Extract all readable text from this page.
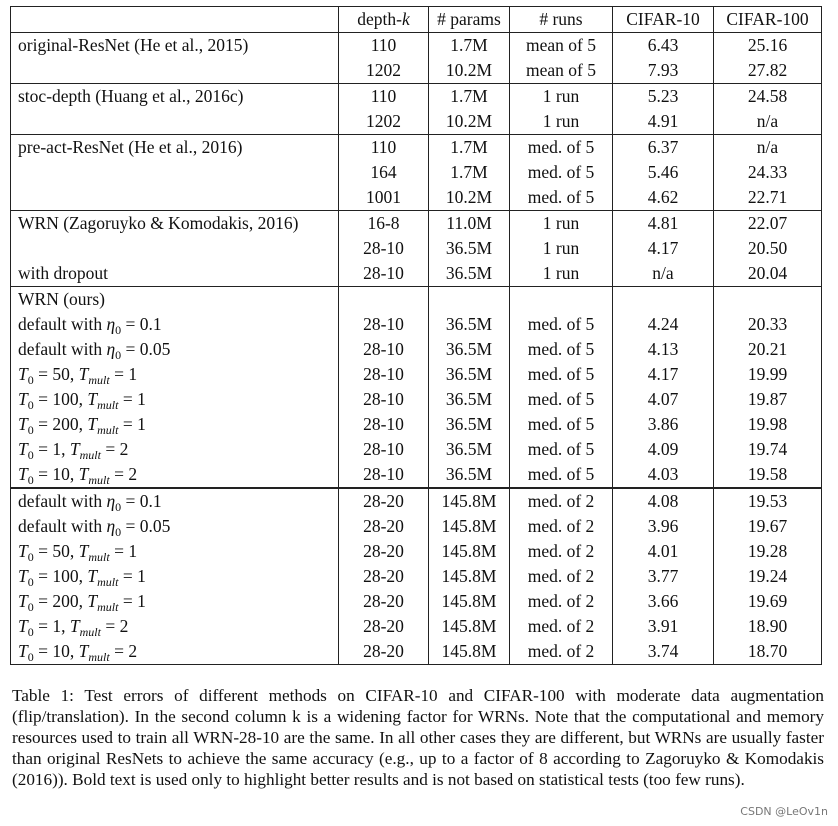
	depth-k	# params	# runs	CIFAR-10	CIFAR-100
original-ResNet (He et al., 2015)	110	1.7M	mean of 5	6.43	25.16
	1202	10.2M	mean of 5	7.93	27.82
stoc-depth (Huang et al., 2016c)	110	1.7M	1 run	5.23	24.58
	1202	10.2M	1 run	4.91	n/a
pre-act-ResNet (He et al., 2016)	110	1.7M	med. of 5	6.37	n/a
	164	1.7M	med. of 5	5.46	24.33
	1001	10.2M	med. of 5	4.62	22.71
WRN (Zagoruyko & Komodakis, 2016)	16-8	11.0M	1 run	4.81	22.07
	28-10	36.5M	1 run	4.17	20.50
with dropout	28-10	36.5M	1 run	n/a	20.04
WRN (ours)					
default with $\eta_0 = 0.1$	28-10	36.5M	med. of 5	4.24	20.33
default with $\eta_0 = 0.05$	28-10	36.5M	med. of 5	4.13	20.21
$T_0 = 50$, $T_{mult} = 1$	28-10	36.5M	med. of 5	4.17	19.99
$T_0 = 100$, $T_{mult} = 1$	28-10	36.5M	med. of 5	4.07	19.87
$T_0 = 200$, $T_{mult} = 1$	28-10	36.5M	med. of 5	3.86	19.98
$T_0 = 1$, $T_{mult} = 2$	28-10	36.5M	med. of 5	4.09	19.74
$T_0 = 10$, $T_{mult} = 2$	28-10	36.5M	med. of 5	4.03	19.58
default with $\eta_0 = 0.1$	28-20	145.8M	med. of 2	4.08	19.53
default with $\eta_0 = 0.05$	28-20	145.8M	med. of 2	3.96	19.67
$T_0 = 50$, $T_{mult} = 1$	28-20	145.8M	med. of 2	4.01	19.28
$T_0 = 100$, $T_{mult} = 1$	28-20	145.8M	med. of 2	3.77	19.24
$T_0 = 200$, $T_{mult} = 1$	28-20	145.8M	med. of 2	3.66	19.69
$T_0 = 1$, $T_{mult} = 2$	28-20	145.8M	med. of 2	3.91	18.90
$T_0 = 10$, $T_{mult} = 2$	28-20	145.8M	med. of 2	3.74	18.70
Table 1: Test errors of different methods on CIFAR-10 and CIFAR-100 with moderate data augmentation (flip/translation). In the second column k is a widening factor for WRNs. Note that the computational and memory resources used to train all WRN-28-10 are the same. In all other cases they are different, but WRNs are usually faster than original ResNets to achieve the same accuracy (e.g., up to a factor of 8 according to Zagoruyko & Komodakis (2016)). Bold text is used only to highlight better results and is not based on statistical tests (too few runs).
CSDN @LeOv1n
